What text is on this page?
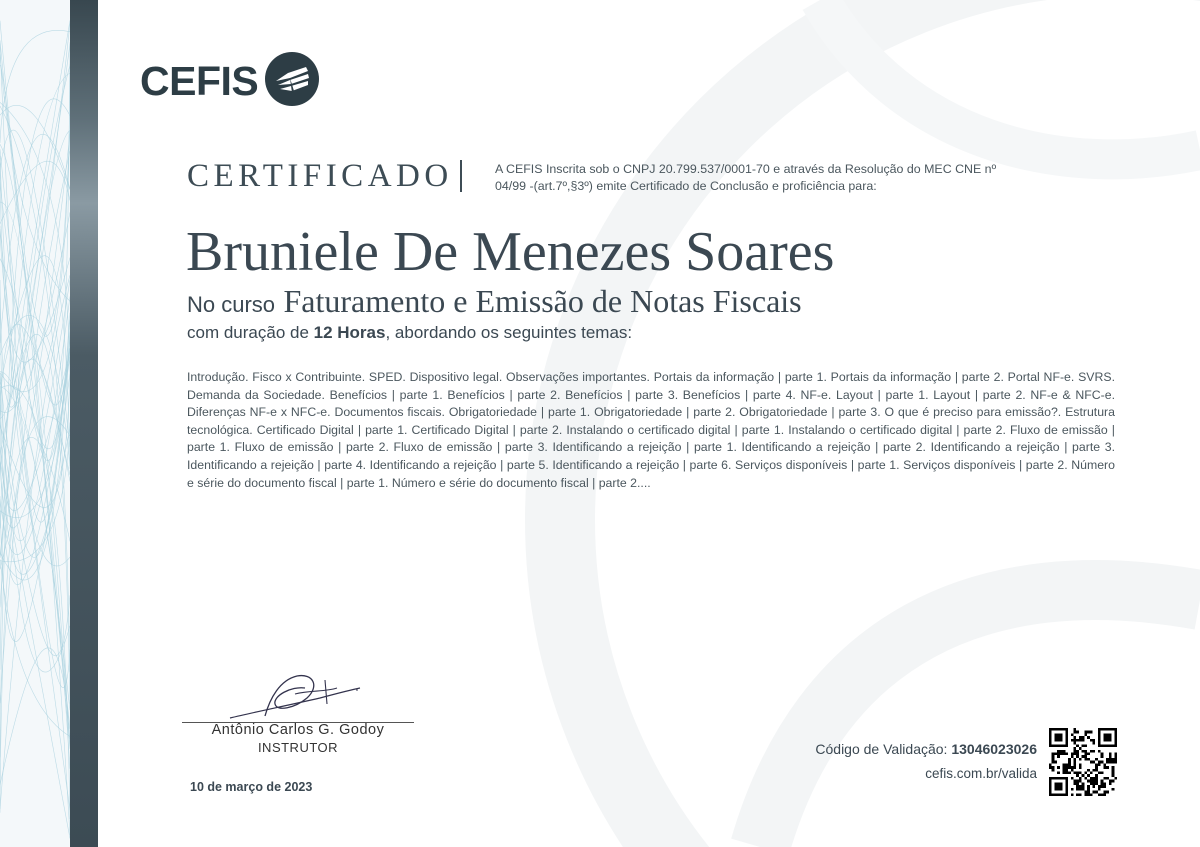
CEFIS
CERTIFICADO	A CEFIS Inscrita sob o CNPJ 20.799.537/0001-70 e através da Resolução do MEC CNE nº 04/99 -(art.7º,§3º) emite Certificado de Conclusão e proficiência para:
Bruniele De Menezes Soares
No curso Faturamento e Emissão de Notas Fiscais
com duração de 12 Horas, abordando os seguintes temas:
Introdução. Fisco x Contribuinte. SPED. Dispositivo legal. Observações importantes. Portais da informação | parte 1. Portais da informação | parte 2. Portal NF-e. SVRS. Demanda da Sociedade. Benefícios | parte 1. Benefícios | parte 2. Benefícios | parte 3. Benefícios | parte 4. NF-e. Layout | parte 1. Layout | parte 2. NF-e & NFC-e. Diferenças NF-e x NFC-e. Documentos fiscais. Obrigatoriedade | parte 1. Obrigatoriedade | parte 2. Obrigatoriedade | parte 3. O que é preciso para emissão?. Estrutura tecnológica. Certificado Digital | parte 1. Certificado Digital | parte 2. Instalando o certificado digital | parte 1. Instalando o certificado digital | parte 2. Fluxo de emissão | parte 1. Fluxo de emissão | parte 2. Fluxo de emissão | parte 3. Identificando a rejeição | parte 1. Identificando a rejeição | parte 2. Identificando a rejeição | parte 3. Identificando a rejeição | parte 4. Identificando a rejeição | parte 5. Identificando a rejeição | parte 6. Serviços disponíveis | parte 1. Serviços disponíveis | parte 2. Número e série do documento fiscal | parte 1. Número e série do documento fiscal | parte 2....
Antônio Carlos G. Godoy
INSTRUTOR
10 de março de 2023
Código de Validação: 13046023026
cefis.com.br/valida
